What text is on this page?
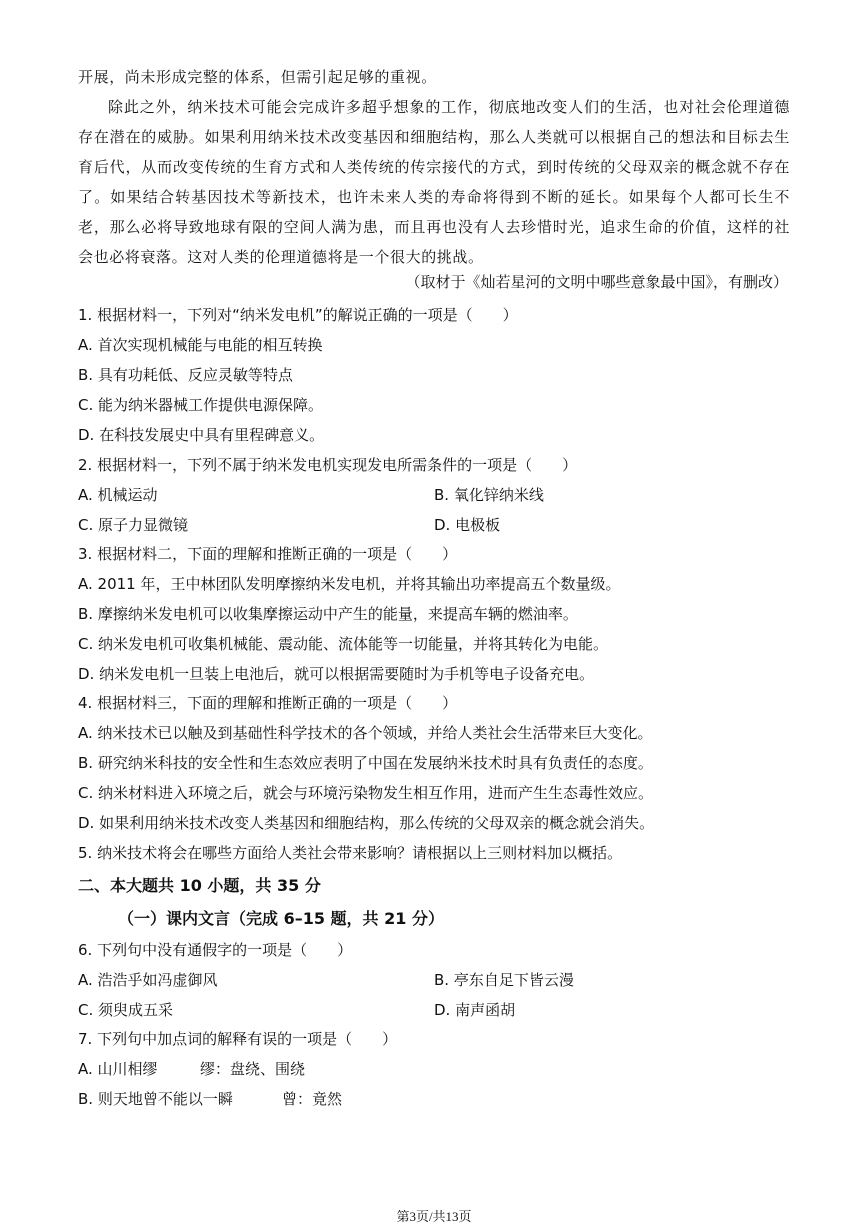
开展，尚未形成完整的体系，但需引起足够的重视。

除此之外，纳米技术可能会完成许多超乎想象的工作，彻底地改变人们的生活，也对社会伦理道德存在潜在的威胁。如果利用纳米技术改变基因和细胞结构，那么人类就可以根据自己的想法和目标去生育后代，从而改变传统的生育方式和人类传统的传宗接代的方式，到时传统的父母双亲的概念就不存在了。如果结合转基因技术等新技术，也许未来人类的寿命将得到不断的延长。如果每个人都可长生不老，那么必将导致地球有限的空间人满为患，而且再也没有人去珍惜时光，追求生命的价值，这样的社会也必将衰落。这对人类的伦理道德将是一个很大的挑战。

（取材于《灿若星河的文明中哪些意象最中国》，有删改）
1. 根据材料一，下列对“纳米发电机”的解说正确的一项是（　　）
A. 首次实现机械能与电能的相互转换
B. 具有功耗低、反应灵敏等特点
C. 能为纳米器械工作提供电源保障。
D. 在科技发展史中具有里程碑意义。
2. 根据材料一，下列不属于纳米发电机实现发电所需条件的一项是（　　）
A. 机械运动	B. 氧化锌纳米线
C. 原子力显微镜	D. 电极板
3. 根据材料二，下面的理解和推断正确的一项是（　　）
A. 2011 年，王中林团队发明摩擦纳米发电机，并将其输出功率提高五个数量级。
B. 摩擦纳米发电机可以收集摩擦运动中产生的能量，来提高车辆的燃油率。
C. 纳米发电机可收集机械能、震动能、流体能等一切能量，并将其转化为电能。
D. 纳米发电机一旦装上电池后，就可以根据需要随时为手机等电子设备充电。
4. 根据材料三，下面的理解和推断正确的一项是（　　）
A. 纳米技术已以触及到基础性科学技术的各个领域，并给人类社会生活带来巨大变化。
B. 研究纳米科技的安全性和生态效应表明了中国在发展纳米技术时具有负责任的态度。
C. 纳米材料进入环境之后，就会与环境污染物发生相互作用，进而产生生态毒性效应。
D. 如果利用纳米技术改变人类基因和细胞结构，那么传统的父母双亲的概念就会消失。
5. 纳米技术将会在哪些方面给人类社会带来影响？请根据以上三则材料加以概括。
二、本大题共 10 小题，共 35 分
（一）课内文言（完成 6–15 题，共 21 分）
6. 下列句中没有通假字的一项是（　　）
A. 浩浩乎如冯虚御风	B. 亭东自足下皆云漫
C. 须臾成五采	D. 南声函胡
7. 下列句中加点词的解释有误的一项是（　　）
A. 山川相缪	缪：盘绕、围绕
B. 则天地曾不能以一瞬	曾：竟然
第3页/共13页
